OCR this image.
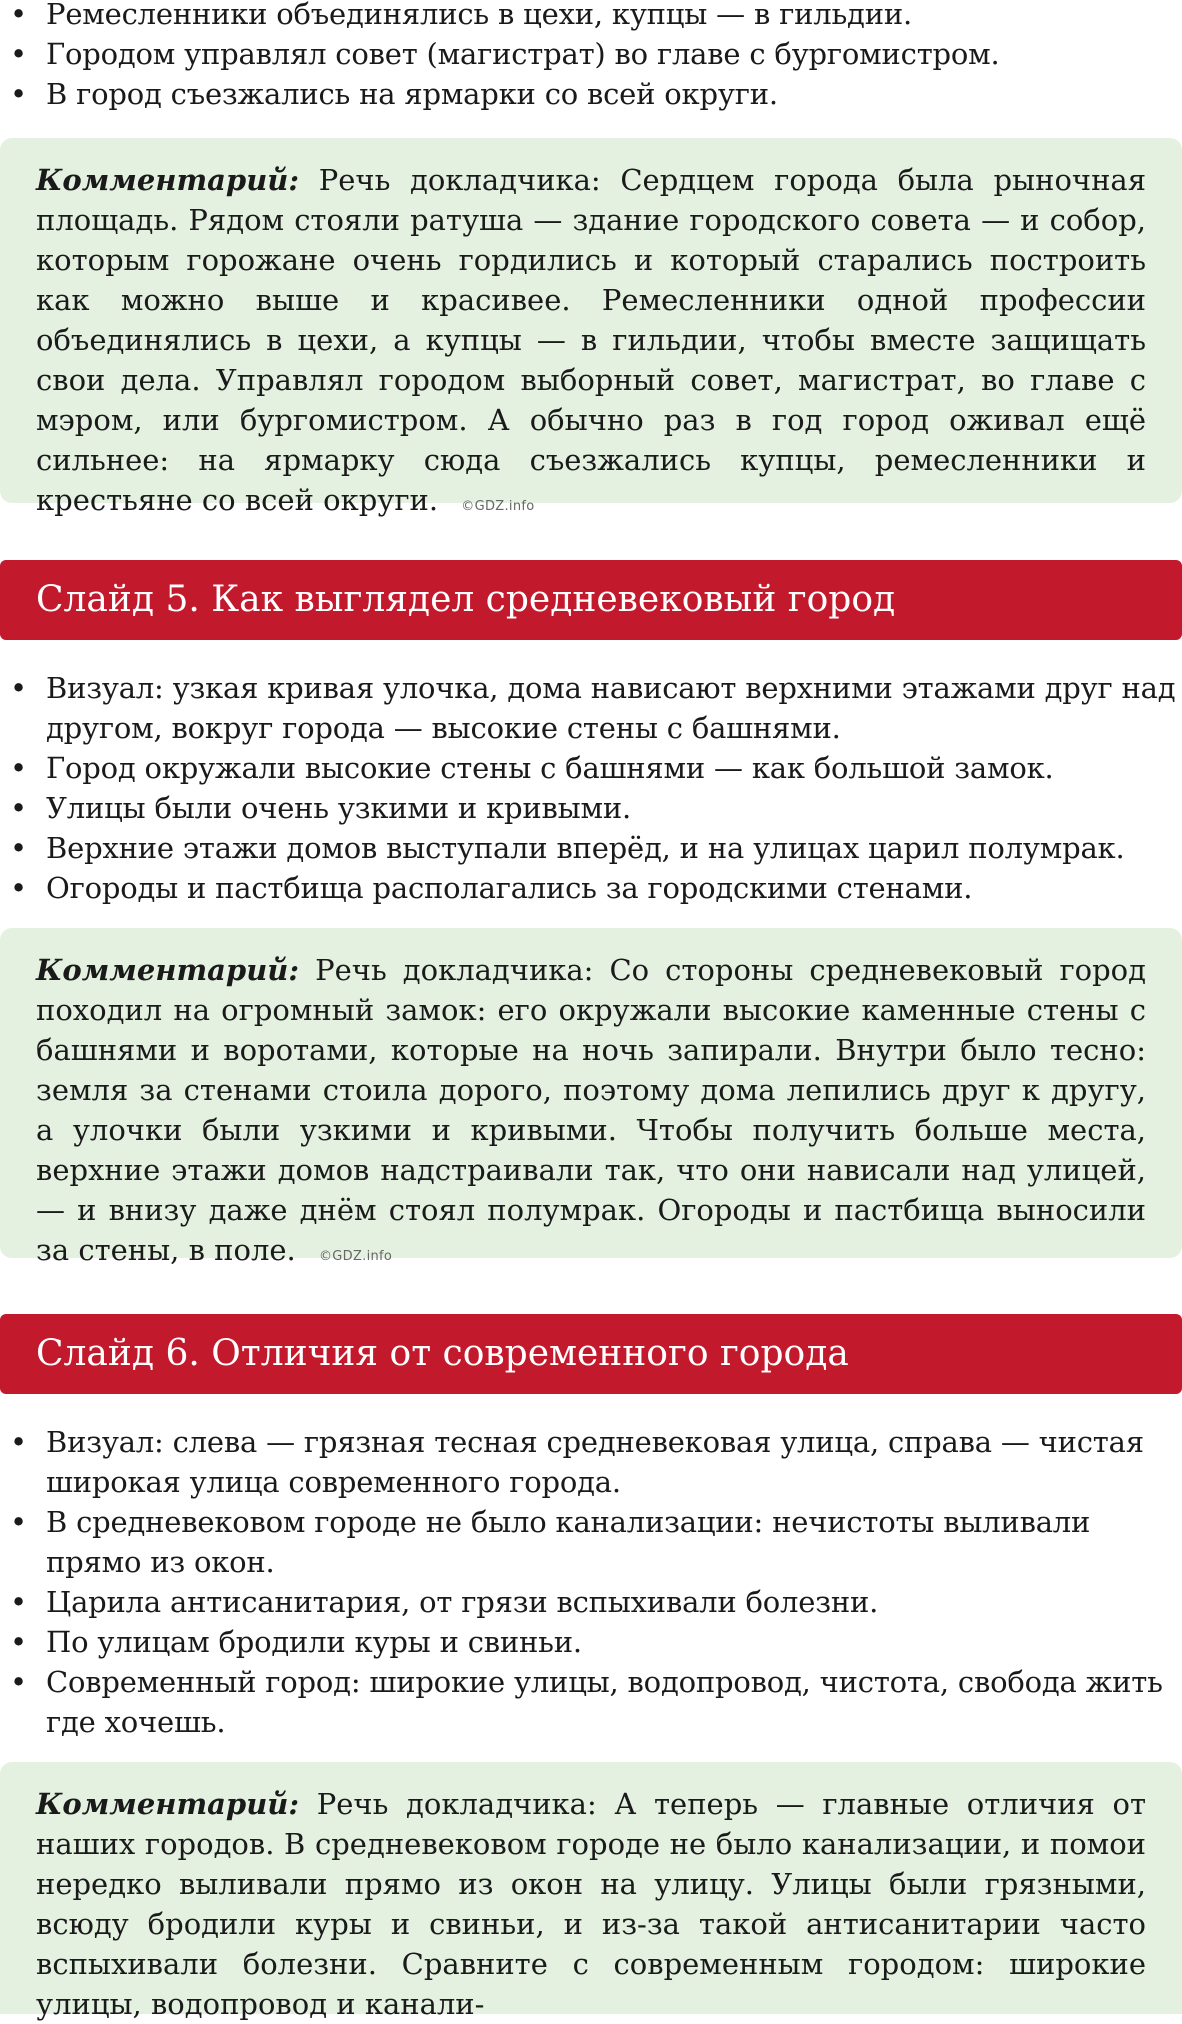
• Ремесленники объединялись в цехи, купцы — в гильдии.
• Городом управлял совет (магистрат) во главе с бургомистром.
• В город съезжались на ярмарки со всей округи.
Комментарий: Речь докладчика: Сердцем города была рыночная площадь. Рядом стояли ратуша — здание городского совета — и собор, которым горожане очень гордились и который старались построить как можно выше и красивее. Ремесленники одной профессии объединялись в цехи, а купцы — в гильдии, чтобы вместе защищать свои дела. Управлял городом выборный совет, магистрат, во главе с мэром, или бургомистром. А обычно раз в год город оживал ещё сильнее: на ярмарку сюда съезжались купцы, ремесленники и крестьяне со всей округи. ©GDZ.info
Слайд 5. Как выглядел средневековый город
• Визуал: узкая кривая улочка, дома нависают верхними этажами друг над другом, вокруг города — высокие стены с башнями.
• Город окружали высокие стены с башнями — как большой замок.
• Улицы были очень узкими и кривыми.
• Верхние этажи домов выступали вперёд, и на улицах царил полумрак.
• Огороды и пастбища располагались за городскими стенами.
Комментарий: Речь докладчика: Со стороны средневековый город походил на огромный замок: его окружали высокие каменные стены с башнями и воротами, которые на ночь запирали. Внутри было тесно: земля за стенами стоила дорого, поэтому дома лепились друг к другу, а улочки были узкими и кривыми. Чтобы получить больше места, верхние этажи домов надстраивали так, что они нависали над улицей, — и внизу даже днём стоял полумрак. Огороды и пастбища выносили за стены, в поле. ©GDZ.info
Слайд 6. Отличия от современного города
• Визуал: слева — грязная тесная средневековая улица, справа — чистая широкая улица современного города.
• В средневековом городе не было канализации: нечистоты выливали прямо из окон.
• Царила антисанитария, от грязи вспыхивали болезни.
• По улицам бродили куры и свиньи.
• Современный город: широкие улицы, водопровод, чистота, свобода жить где хочешь.
Комментарий: Речь докладчика: А теперь — главные отличия от наших городов. В средневековом городе не было канализации, и помои нередко выливали прямо из окон на улицу. Улицы были грязными, всюду бродили куры и свиньи, и из-за такой антисанитарии часто вспыхивали болезни. Сравните с современным городом: широкие улицы, водопровод и канали-
